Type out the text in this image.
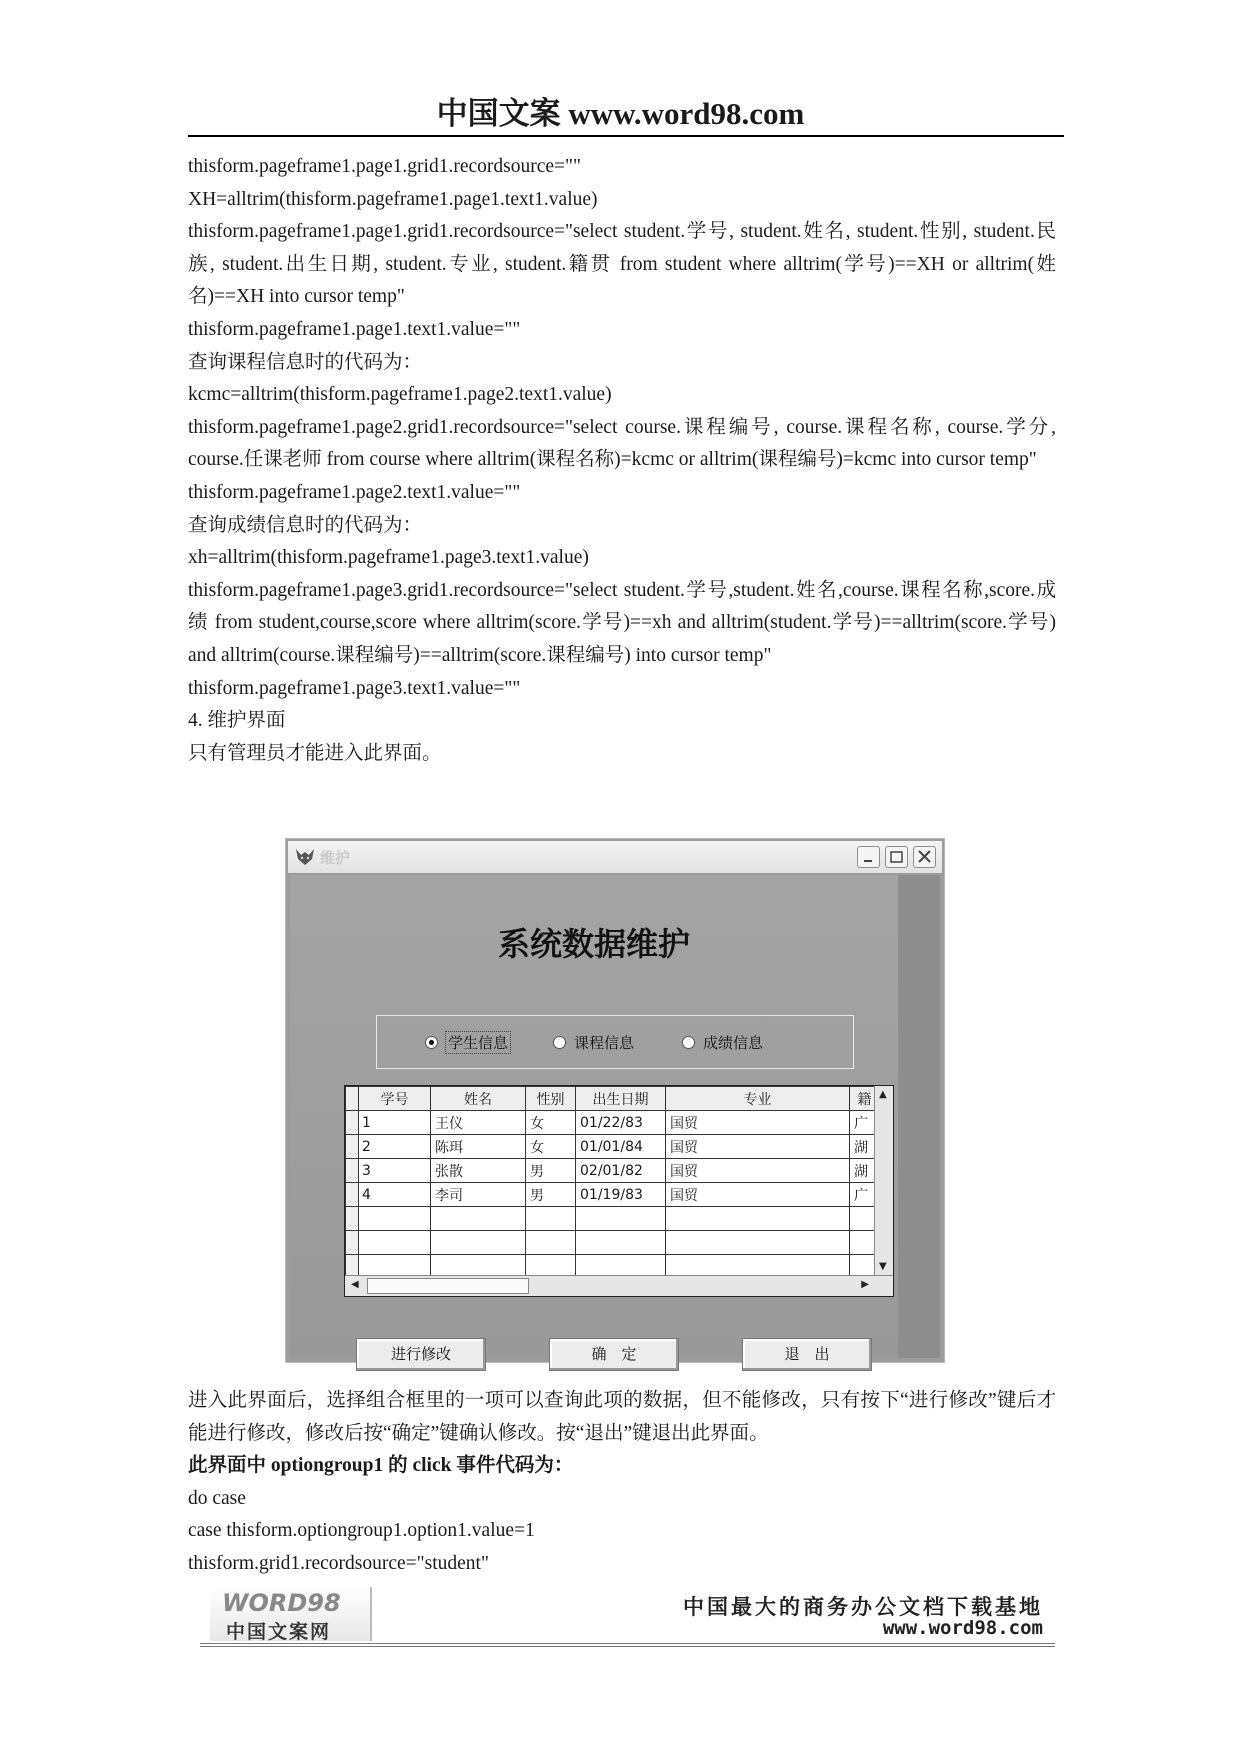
中国文案 www.word98.com

thisform.pageframe1.page1.grid1.recordsource=""

XH=alltrim(thisform.pageframe1.page1.text1.value)

thisform.pageframe1.page1.grid1.recordsource="select student.学号, student.姓名, student.性别, student.民族, student.出生日期, student.专业, student.籍贯 from student where alltrim(学号)==XH or alltrim(姓名)==XH into cursor temp"

thisform.pageframe1.page1.text1.value=""

查询课程信息时的代码为：

kcmc=alltrim(thisform.pageframe1.page2.text1.value)

thisform.pageframe1.page2.grid1.recordsource="select course.课程编号, course.课程名称, course.学分, course.任课老师 from course where alltrim(课程名称)=kcmc or alltrim(课程编号)=kcmc into cursor temp"

thisform.pageframe1.page2.text1.value=""

查询成绩信息时的代码为：

xh=alltrim(thisform.pageframe1.page3.text1.value)

thisform.pageframe1.page3.grid1.recordsource="select student.学号,student.姓名,course.课程名称,score.成绩 from student,course,score where alltrim(score.学号)==xh and alltrim(student.学号)==alltrim(score.学号) and alltrim(course.课程编号)==alltrim(score.课程编号) into cursor temp"

thisform.pageframe1.page3.text1.value=""

4. 维护界面

只有管理员才能进入此界面。

维护
系统数据维护
学生信息	课程信息	成绩信息
	学号	姓名	性别	出生日期	专业	籍
	1	王仪	女	01/22/83	国贸	广
	2	陈珥	女	01/01/84	国贸	湖
	3	张散	男	02/01/82	国贸	湖
	4	李司	男	01/19/83	国贸	广

▲
▼
◀	▶
进行修改	确　定	退　出

进入此界面后，选择组合框里的一项可以查询此项的数据，但不能修改，只有按下“进行修改”键后才能进行修改，修改后按“确定”键确认修改。按“退出”键退出此界面。

此界面中 optiongroup1 的 click 事件代码为：

do case

case thisform.optiongroup1.option1.value=1

thisform.grid1.recordsource="student"

WORD98
中国文案网
中国最大的商务办公文档下载基地
www.word98.com
